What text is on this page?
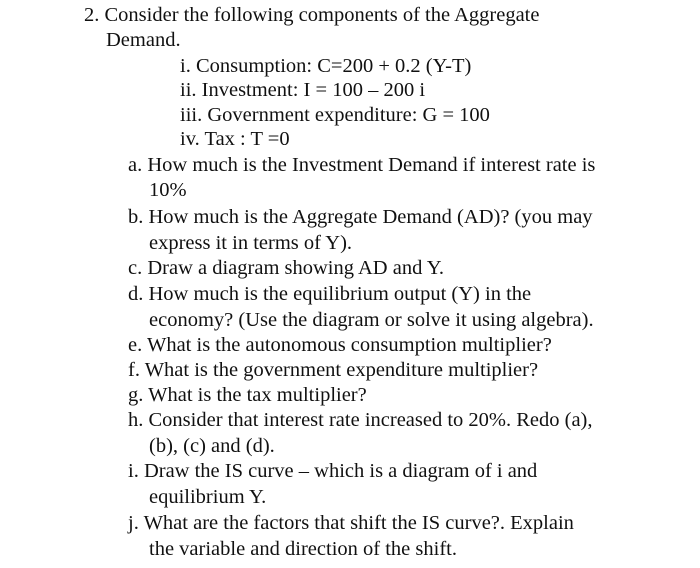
2. Consider the following components of the Aggregate
Demand.
i. Consumption: C=200 + 0.2 (Y-T)
ii. Investment: I = 100 – 200 i
iii. Government expenditure: G = 100
iv. Tax : T =0
a. How much is the Investment Demand if interest rate is
10%
b. How much is the Aggregate Demand (AD)? (you may
express it in terms of Y).
c. Draw a diagram showing AD and Y.
d. How much is the equilibrium output (Y) in the
economy? (Use the diagram or solve it using algebra).
e. What is the autonomous consumption multiplier?
f. What is the government expenditure multiplier?
g. What is the tax multiplier?
h. Consider that interest rate increased to 20%. Redo (a),
(b), (c) and (d).
i. Draw the IS curve – which is a diagram of i and
equilibrium Y.
j. What are the factors that shift the IS curve?. Explain
the variable and direction of the shift.
